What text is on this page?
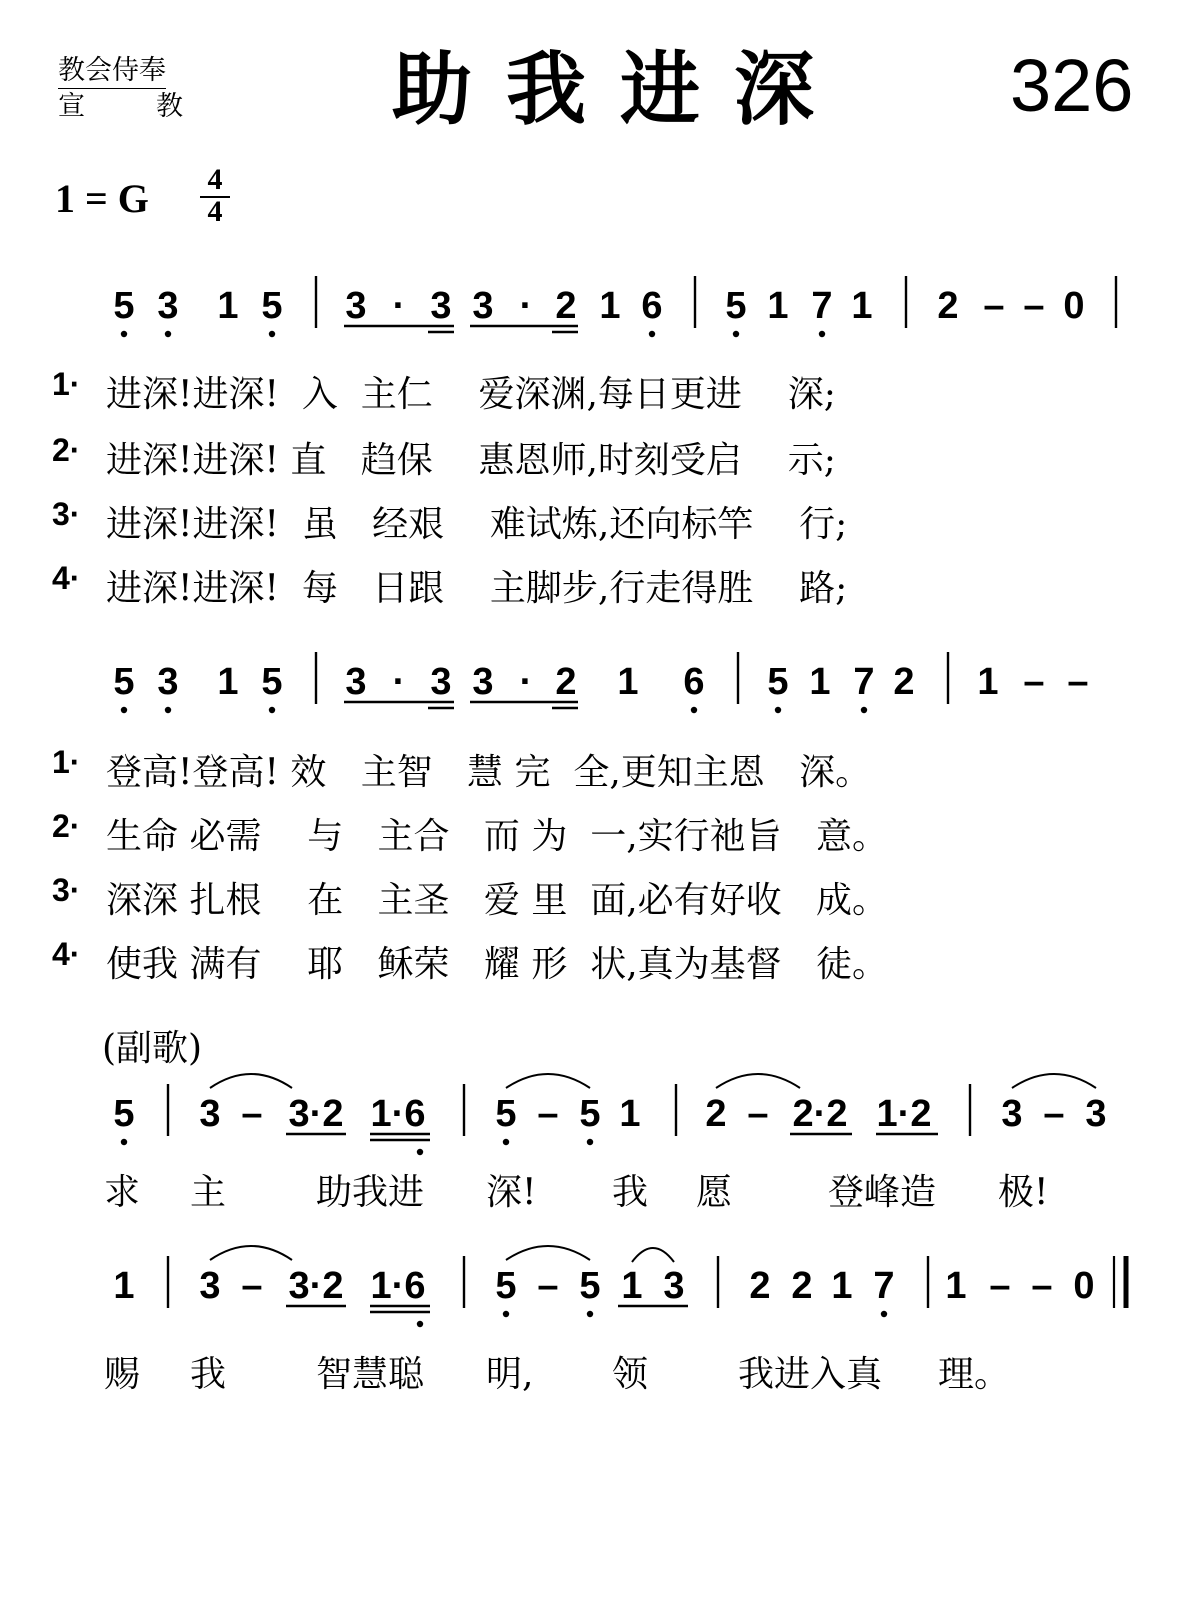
教会侍奉
宣	教	助我进深 326
1 = G 4
4
5 3 1 5 3 · 3 3 · 2 1 6 5 1 7 1 2 – – 0
5 3 1 5 3 · 3 3 · 2 1 6 5 1 7 2 1 – –
5 3 – 3·2 1·6 5 – 5 1 2 – 2·2 1·2 3 – 3
1 3 – 3·2 1·6 5 – 5 1 3 2 2 1 7 1 – – 0
1· 进深!进深!  入  主仁    爱深渊,每日更进    深;
2· 进深!进深! 直   趋保    惠恩师,时刻受启    示;
3· 进深!进深!  虽   经艰    难试炼,还向标竿    行;
4· 进深!进深!  每   日跟    主脚步,行走得胜    路;
1· 登高!登高! 效   主智   慧 完  全,更知主恩   深。
2· 生命 必需    与   主合   而 为  一,实行祂旨   意。
3· 深深 扎根    在   主圣   爱 里  面,必有好收   成。
4· 使我 满有    耶   稣荣   耀 形  状,真为基督   徒。
(副歌)
求 主 助我进 深! 我 愿	登峰造 极!
赐 我 智慧聪 明, 领 我进入真 理。
